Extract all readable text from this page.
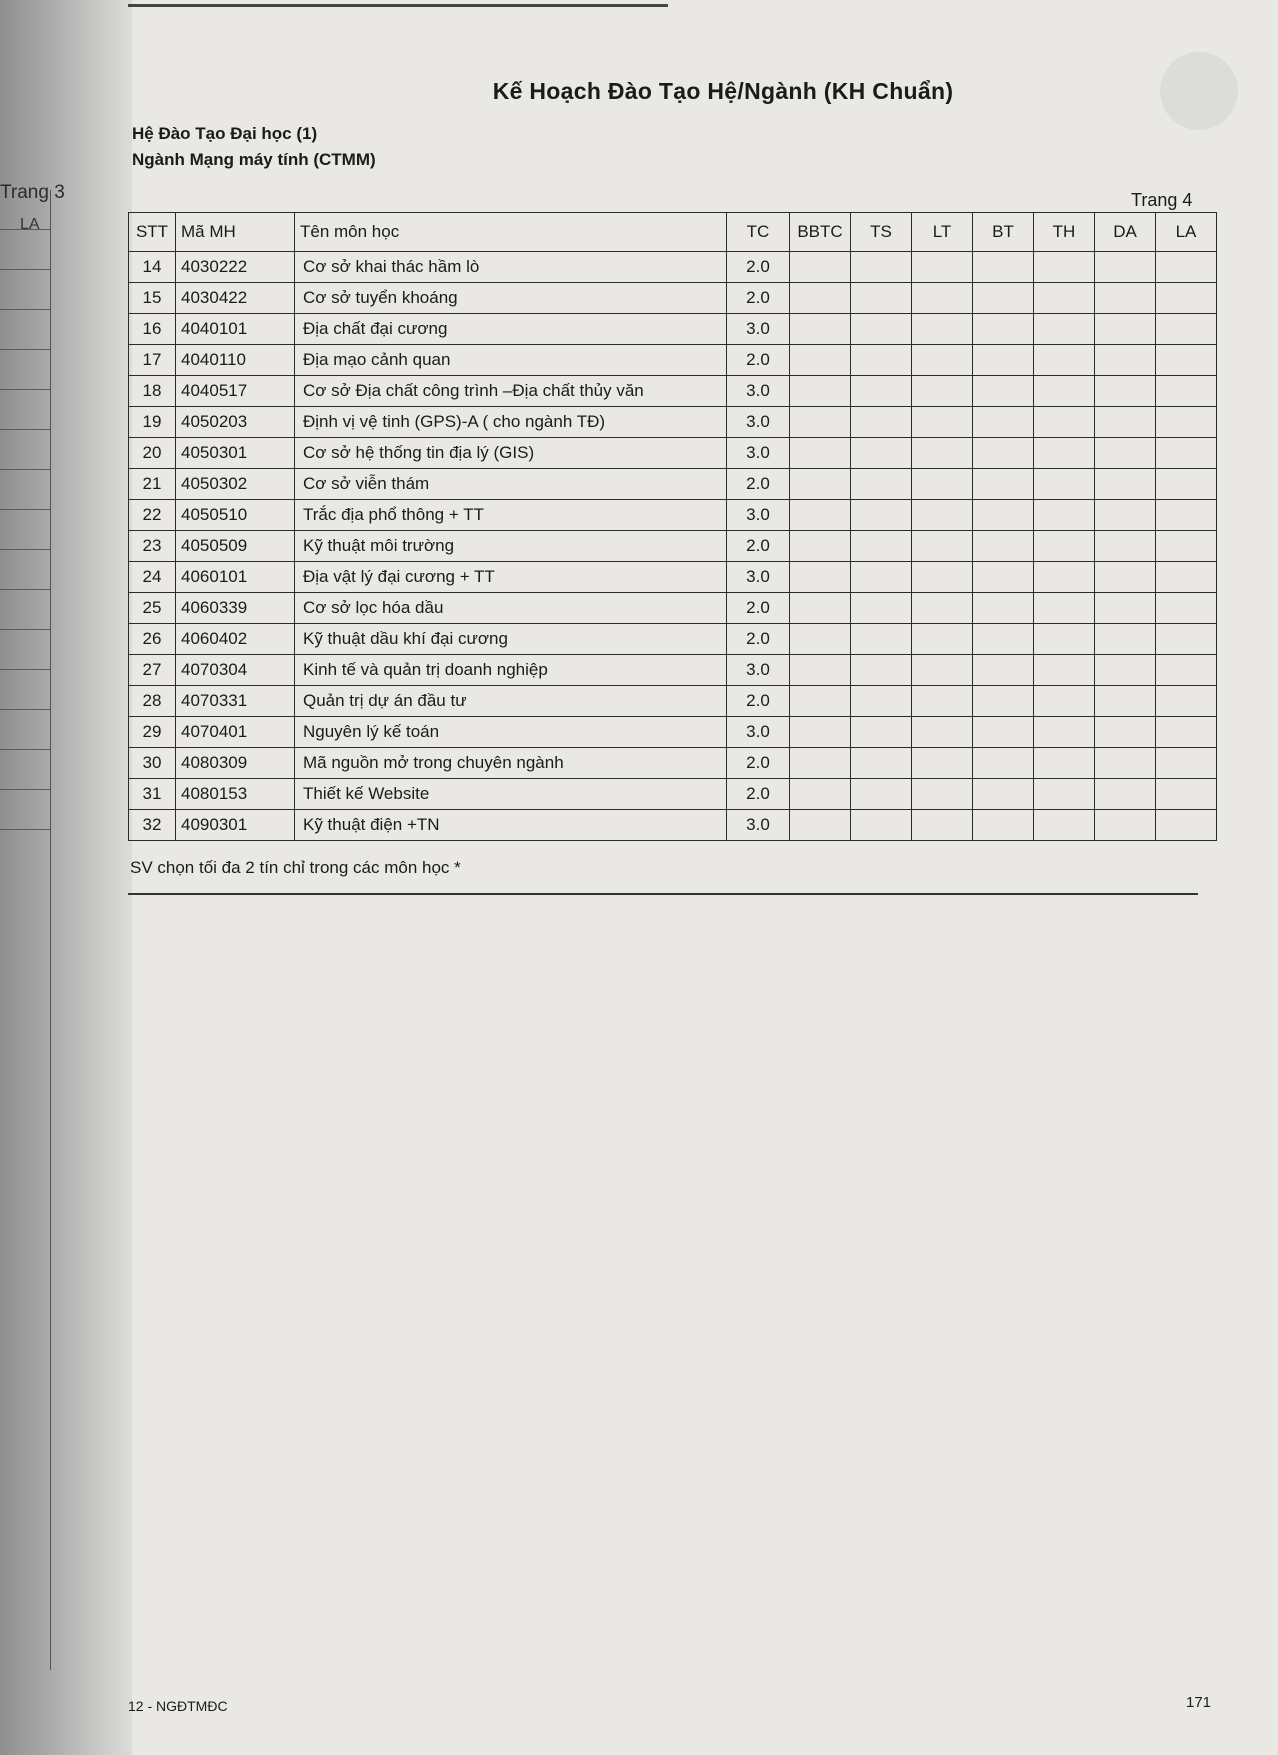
Trang 3
LA
Kế Hoạch Đào Tạo Hệ/Ngành (KH Chuẩn)
Hệ Đào Tạo Đại học (1)
Ngành Mạng máy tính (CTMM)
Trang 4
STT	Mã MH	Tên môn học	TC	BBTC	TS	LT	BT	TH	DA	LA
14	4030222	Cơ sở khai thác hầm lò	2.0							
15	4030422	Cơ sở tuyển khoáng	2.0							
16	4040101	Địa chất đại cương	3.0							
17	4040110	Địa mạo cảnh quan	2.0							
18	4040517	Cơ sở Địa chất công trình –Địa chất thủy văn	3.0							
19	4050203	Định vị vệ tinh (GPS)-A ( cho ngành TĐ)	3.0							
20	4050301	Cơ sở hệ thống tin địa lý (GIS)	3.0							
21	4050302	Cơ sở viễn thám	2.0							
22	4050510	Trắc địa phổ thông + TT	3.0							
23	4050509	Kỹ thuật môi trường	2.0							
24	4060101	Địa vật lý đại cương + TT	3.0							
25	4060339	Cơ sở lọc hóa dầu	2.0							
26	4060402	Kỹ thuật dầu khí đại cương	2.0							
27	4070304	Kinh tế và quản trị doanh nghiệp	3.0							
28	4070331	Quản trị dự án đầu tư	2.0							
29	4070401	Nguyên lý kế toán	3.0							
30	4080309	Mã nguồn mở trong chuyên ngành	2.0							
31	4080153	Thiết kế Website	2.0							
32	4090301	Kỹ thuật điện +TN	3.0							
SV chọn tối đa 2 tín chỉ trong các môn học *
12 - NGĐTMĐC	171
